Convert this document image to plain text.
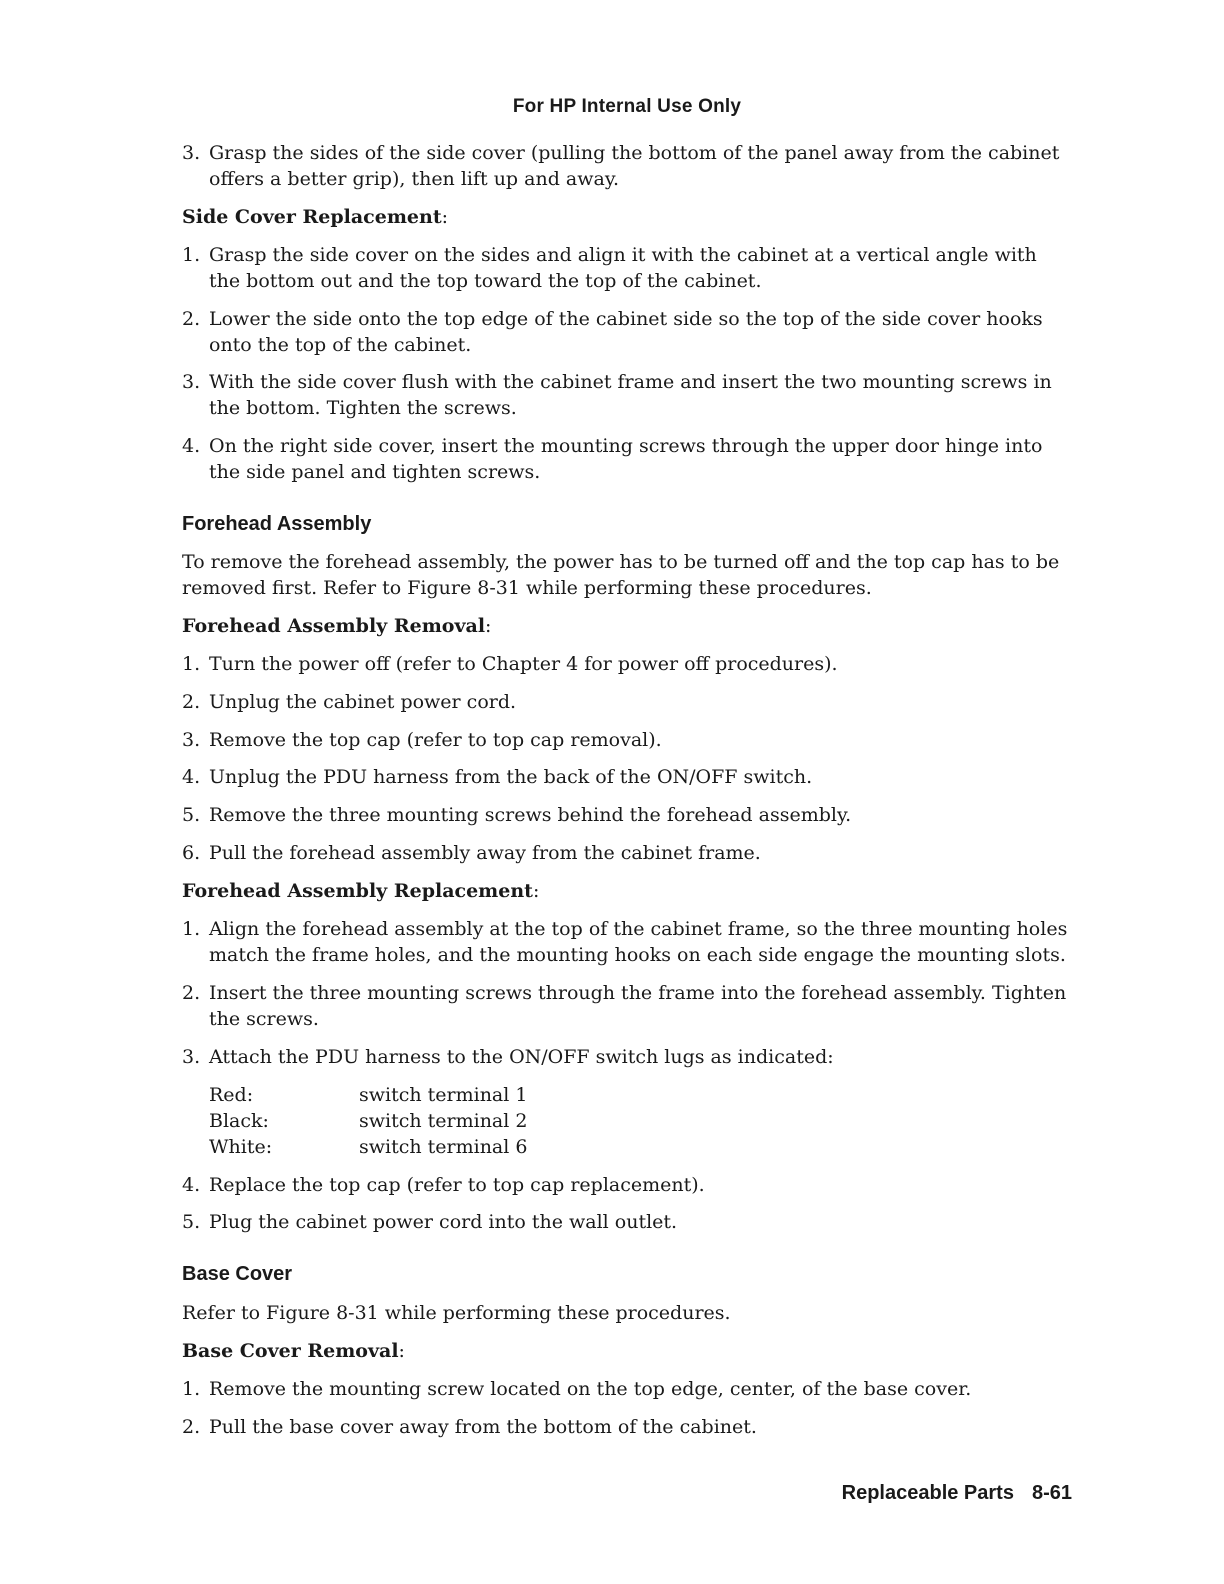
For HP Internal Use Only
3. Grasp the sides of the side cover (pulling the bottom of the panel away from the cabinet offers a better grip), then lift up and away.
Side Cover Replacement:
1. Grasp the side cover on the sides and align it with the cabinet at a vertical angle with the bottom out and the top toward the top of the cabinet.
2. Lower the side onto the top edge of the cabinet side so the top of the side cover hooks onto the top of the cabinet.
3. With the side cover flush with the cabinet frame and insert the two mounting screws in the bottom. Tighten the screws.
4. On the right side cover, insert the mounting screws through the upper door hinge into the side panel and tighten screws.
Forehead Assembly
To remove the forehead assembly, the power has to be turned off and the top cap has to be removed first. Refer to Figure 8-31 while performing these procedures.
Forehead Assembly Removal:
1. Turn the power off (refer to Chapter 4 for power off procedures).
2. Unplug the cabinet power cord.
3. Remove the top cap (refer to top cap removal).
4. Unplug the PDU harness from the back of the ON/OFF switch.
5. Remove the three mounting screws behind the forehead assembly.
6. Pull the forehead assembly away from the cabinet frame.
Forehead Assembly Replacement:
1. Align the forehead assembly at the top of the cabinet frame, so the three mounting holes match the frame holes, and the mounting hooks on each side engage the mounting slots.
2. Insert the three mounting screws through the frame into the forehead assembly. Tighten the screws.
3. Attach the PDU harness to the ON/OFF switch lugs as indicated:
Red:	switch terminal 1
Black:	switch terminal 2
White:	switch terminal 6
4. Replace the top cap (refer to top cap replacement).
5. Plug the cabinet power cord into the wall outlet.
Base Cover
Refer to Figure 8-31 while performing these procedures.
Base Cover Removal:
1. Remove the mounting screw located on the top edge, center, of the base cover.
2. Pull the base cover away from the bottom of the cabinet.
Replaceable Parts 8-61
